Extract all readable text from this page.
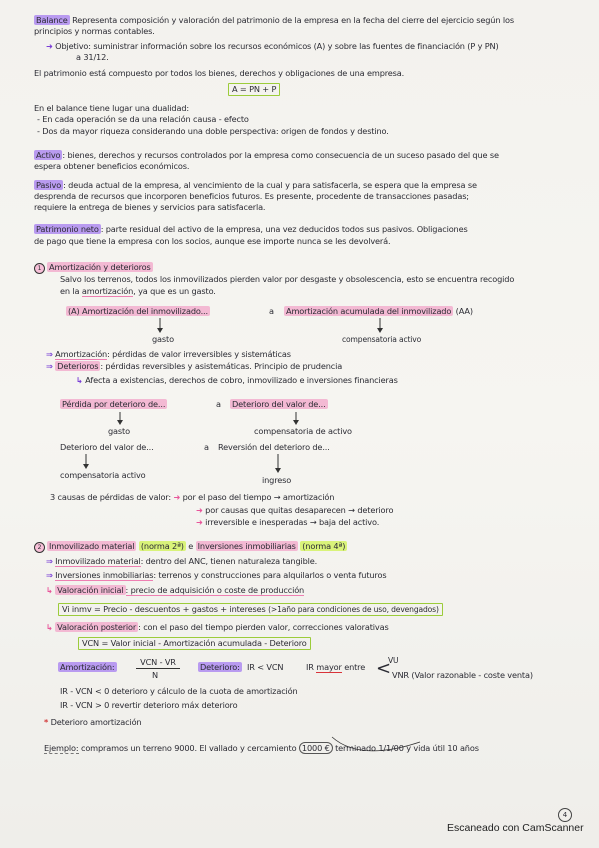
Balance Representa composición y valoración del patrimonio de la empresa en la fecha del cierre del ejercicio según los
principios y normas contables.
➜ Objetivo: suministrar información sobre los recursos económicos (A) y sobre las fuentes de financiación (P y PN)
a 31/12.
El patrimonio está compuesto por todos los bienes, derechos y obligaciones de una empresa.
A = PN + P
En el balance tiene lugar una dualidad:
- En cada operación se da una relación causa - efecto
- Dos da mayor riqueza considerando una doble perspectiva: origen de fondos y destino.
Activo : bienes, derechos y recursos controlados por la empresa como consecuencia de un suceso pasado del que se
espera obtener beneficios económicos.
Pasivo : deuda actual de la empresa, al vencimiento de la cual y para satisfacerla, se espera que la empresa se
desprenda de recursos que incorporen beneficios futuros. Es presente, procedente de transacciones pasadas;
requiere la entrega de bienes y servicios para satisfacerla.
Patrimonio neto : parte residual del activo de la empresa, una vez deducidos todos sus pasivos. Obligaciones
de pago que tiene la empresa con los socios, aunque ese importe nunca se les devolverá.
1 Amortización y deterioros
Salvo los terrenos, todos los inmovilizados pierden valor por desgaste y obsolescencia, esto se encuentra recogido
en la amortización, ya que es un gasto.
(A) Amortización del inmovilizado...	a Amortización acumulada del inmovilizado (AA)
gasto	compensatoria activo
⇒ Amortización: pérdidas de valor irreversibles y sistemáticas
⇒ Deterioros : pérdidas reversibles y asistemáticas. Principio de prudencia
↳ Afecta a existencias, derechos de cobro, inmovilizado e inversiones financieras
Pérdida por deterioro de...	a Deterioro del valor de...
gasto	compensatoria de activo
Deterioro del valor de...	a Reversión del deterioro de...
compensatoria activo	ingreso
3 causas de pérdidas de valor: ➜ por el paso del tiempo → amortización
➜ por causas que quitas desaparecen → deterioro
➜ irreversible e inesperadas → baja del activo.
2 Inmovilizado material (norma 2ª) e Inversiones inmobiliarias (norma 4ª)
⇒ Inmovilizado material: dentro del ANC, tienen naturaleza tangible.
⇒ Inversiones inmobiliarias: terrenos y construcciones para alquilarlos o venta futuros
↳ Valoración inicial : precio de adquisición o coste de producción
Vi inmv = Precio - descuentos + gastos + intereses (>1año para condiciones de uso, devengados)
↳ Valoración posterior : con el paso del tiempo pierden valor, correcciones valorativas
VCN = Valor inicial - Amortización acumulada - Deterioro
Amortización:	VCN - VR
N
Deterioro: IR < VCN	IR mayor entre <
VU
VNR (Valor razonable - coste venta)
IR - VCN < 0 deterioro y cálculo de la cuota de amortización
IR - VCN > 0 revertir deterioro máx deterioro
* Deterioro amortización
Ejemplo: compramos un terreno 9000. El vallado y cercamiento 1000 € terminado 1/1/00 y vida útil 10 años
4
Escaneado con CamScanner
